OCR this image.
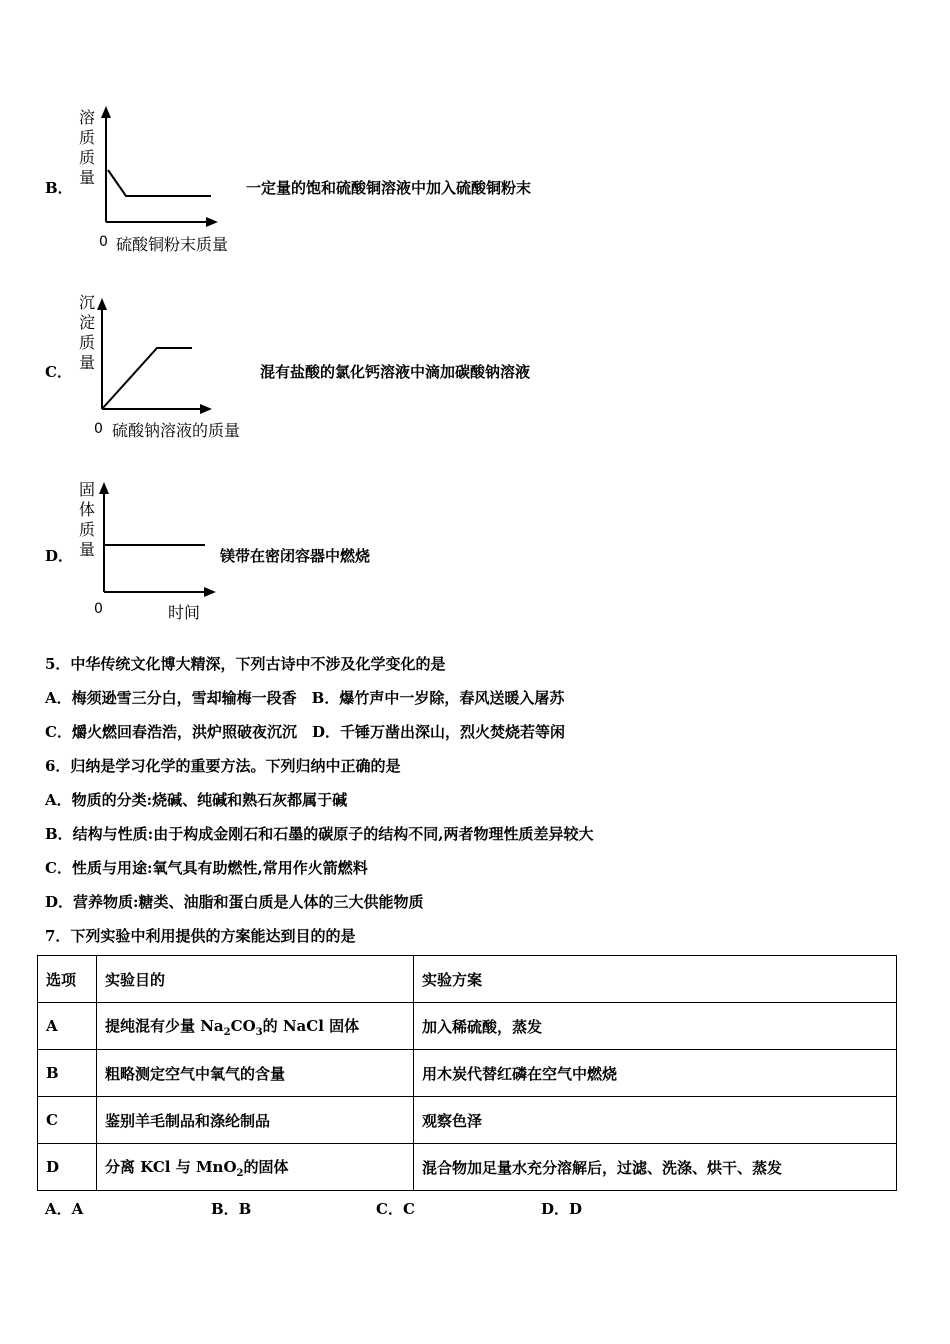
B．
溶
质
质
量
0 硫酸铜粉末质量
一定量的饱和硫酸铜溶液中加入硫酸铜粉末
C．
沉
淀
质
量
0 硫酸钠溶液的质量
混有盐酸的氯化钙溶液中滴加碳酸钠溶液
D．
固
体
质
量
0	时间
镁带在密闭容器中燃烧
5．中华传统文化博大精深，下列古诗中不涉及化学变化的是
A．梅须逊雪三分白，雪却输梅一段香　B．爆竹声中一岁除，春风送暖入屠苏
C．爝火燃回春浩浩，洪炉照破夜沉沉　D．千锤万凿出深山，烈火焚烧若等闲
6．归纳是学习化学的重要方法。下列归纳中正确的是
A．物质的分类:烧碱、纯碱和熟石灰都属于碱
B．结构与性质:由于构成金刚石和石墨的碳原子的结构不同,两者物理性质差异较大
C．性质与用途:氧气具有助燃性,常用作火箭燃料
D．营养物质:糖类、油脂和蛋白质是人体的三大供能物质
7．下列实验中利用提供的方案能达到目的的是
选项	实验目的	实验方案
A	提纯混有少量 $Na_2CO_3$的 NaCl 固体	加入稀硫酸，蒸发
B	粗略测定空气中氧气的含量	用木炭代替红磷在空气中燃烧
C	鉴别羊毛制品和涤纶制品	观察色泽
D	分离 KCl 与 MnO$_2$的固体	混合物加足量水充分溶解后，过滤、洗涤、烘干、蒸发
A．A	B．B	C．C	D．D
